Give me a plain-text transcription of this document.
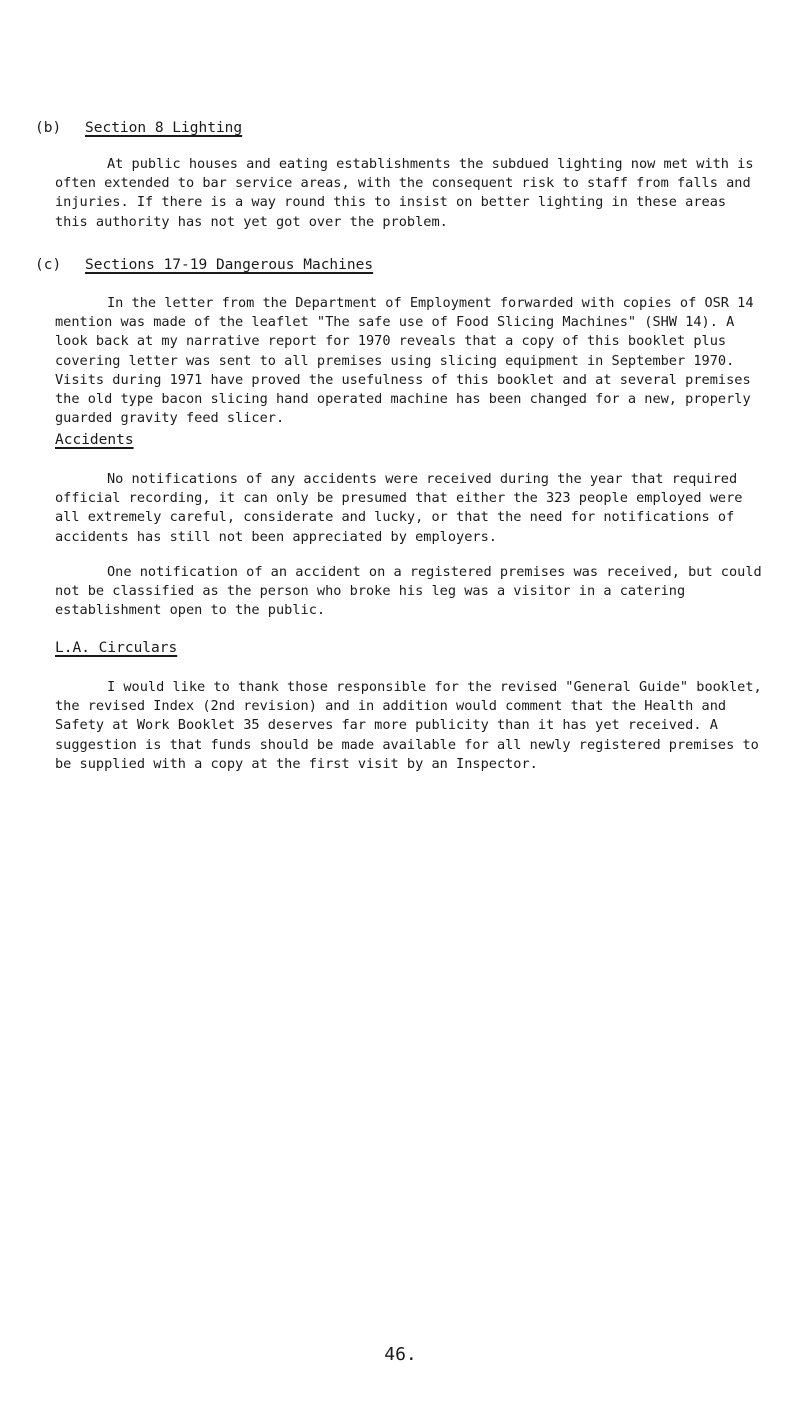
(b) Section 8 Lighting

At public houses and eating establishments the subdued lighting now met with is often extended to bar service areas, with the consequent risk to staff from falls and injuries. If there is a way round this to insist on better lighting in these areas this authority has not yet got over the problem.

(c) Sections 17-19 Dangerous Machines

In the letter from the Department of Employment forwarded with copies of OSR 14 mention was made of the leaflet "The safe use of Food Slicing Machines" (SHW 14). A look back at my narrative report for 1970 reveals that a copy of this booklet plus covering letter was sent to all premises using slicing equipment in September 1970. Visits during 1971 have proved the usefulness of this booklet and at several premises the old type bacon slicing hand operated machine has been changed for a new, properly guarded gravity feed slicer.

Accidents

No notifications of any accidents were received during the year that required official recording, it can only be presumed that either the 323 people employed were all extremely careful, considerate and lucky, or that the need for notifications of accidents has still not been appreciated by employers.

One notification of an accident on a registered premises was received, but could not be classified as the person who broke his leg was a visitor in a catering establishment open to the public.

L.A. Circulars

I would like to thank those responsible for the revised "General Guide" booklet, the revised Index (2nd revision) and in addition would comment that the Health and Safety at Work Booklet 35 deserves far more publicity than it has yet received. A suggestion is that funds should be made available for all newly registered premises to be supplied with a copy at the first visit by an Inspector.

46.
